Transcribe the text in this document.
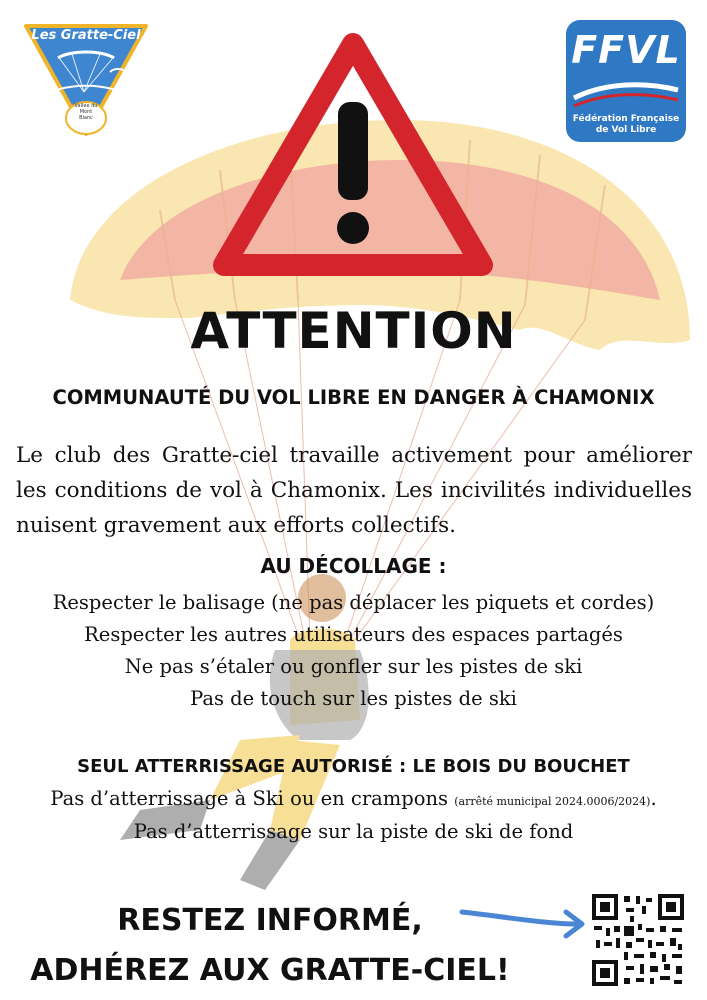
Les Gratte-Ciel
Vallée du
Mont
Blanc
FFVL
Fédération Française
de Vol Libre
ATTENTION
COMMUNAUTÉ DU VOL LIBRE EN DANGER À CHAMONIX
Le club des Gratte-ciel travaille activement pour améliorer les conditions de vol à Chamonix. Les incivilités individuelles nuisent gravement aux efforts collectifs.
AU DÉCOLLAGE :
Respecter le balisage (ne pas déplacer les piquets et cordes)
Respecter les autres utilisateurs des espaces partagés
Ne pas s’étaler ou gonfler sur les pistes de ski
Pas de touch sur les pistes de ski
SEUL ATTERRISSAGE AUTORISÉ : LE BOIS DU BOUCHET
Pas d’atterrissage à Ski ou en crampons (arrêté municipal 2024.0006/2024).
Pas d’atterrissage sur la piste de ski de fond
RESTEZ INFORMÉ,
ADHÉREZ AUX GRATTE-CIEL!
